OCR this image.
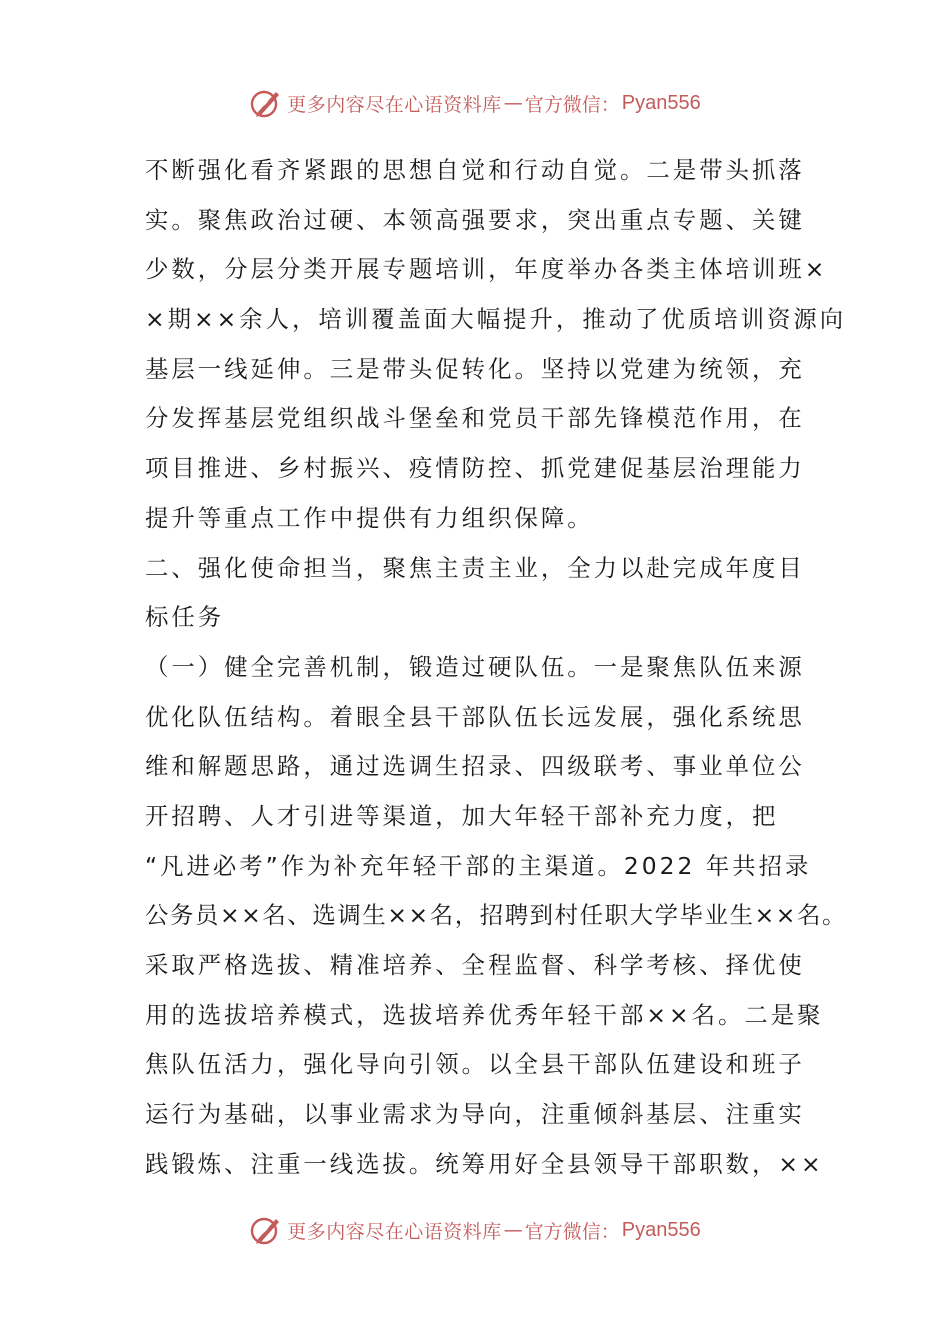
更多内容尽在心语资料库 — 官方微信： Pyan556
不断强化看齐紧跟的思想自觉和行动自觉。二是带头抓落
实。聚焦政治过硬、本领高强要求，突出重点专题、关键
少数，分层分类开展专题培训，年度举办各类主体培训班×
×期××余人，培训覆盖面大幅提升，推动了优质培训资源向
基层一线延伸。三是带头促转化。坚持以党建为统领，充
分发挥基层党组织战斗堡垒和党员干部先锋模范作用，在
项目推进、乡村振兴、疫情防控、抓党建促基层治理能力
提升等重点工作中提供有力组织保障。
二、强化使命担当，聚焦主责主业，全力以赴完成年度目
标任务
（一）健全完善机制，锻造过硬队伍。一是聚焦队伍来源
优化队伍结构。着眼全县干部队伍长远发展，强化系统思
维和解题思路，通过选调生招录、四级联考、事业单位公
开招聘、人才引进等渠道，加大年轻干部补充力度，把
“凡进必考”作为补充年轻干部的主渠道。2022 年共招录
公务员××名、选调生××名，招聘到村任职大学毕业生××名。
采取严格选拔、精准培养、全程监督、科学考核、择优使
用的选拔培养模式，选拔培养优秀年轻干部××名。二是聚
焦队伍活力，强化导向引领。以全县干部队伍建设和班子
运行为基础，以事业需求为导向，注重倾斜基层、注重实
践锻炼、注重一线选拔。统筹用好全县领导干部职数，××
更多内容尽在心语资料库 — 官方微信： Pyan556
